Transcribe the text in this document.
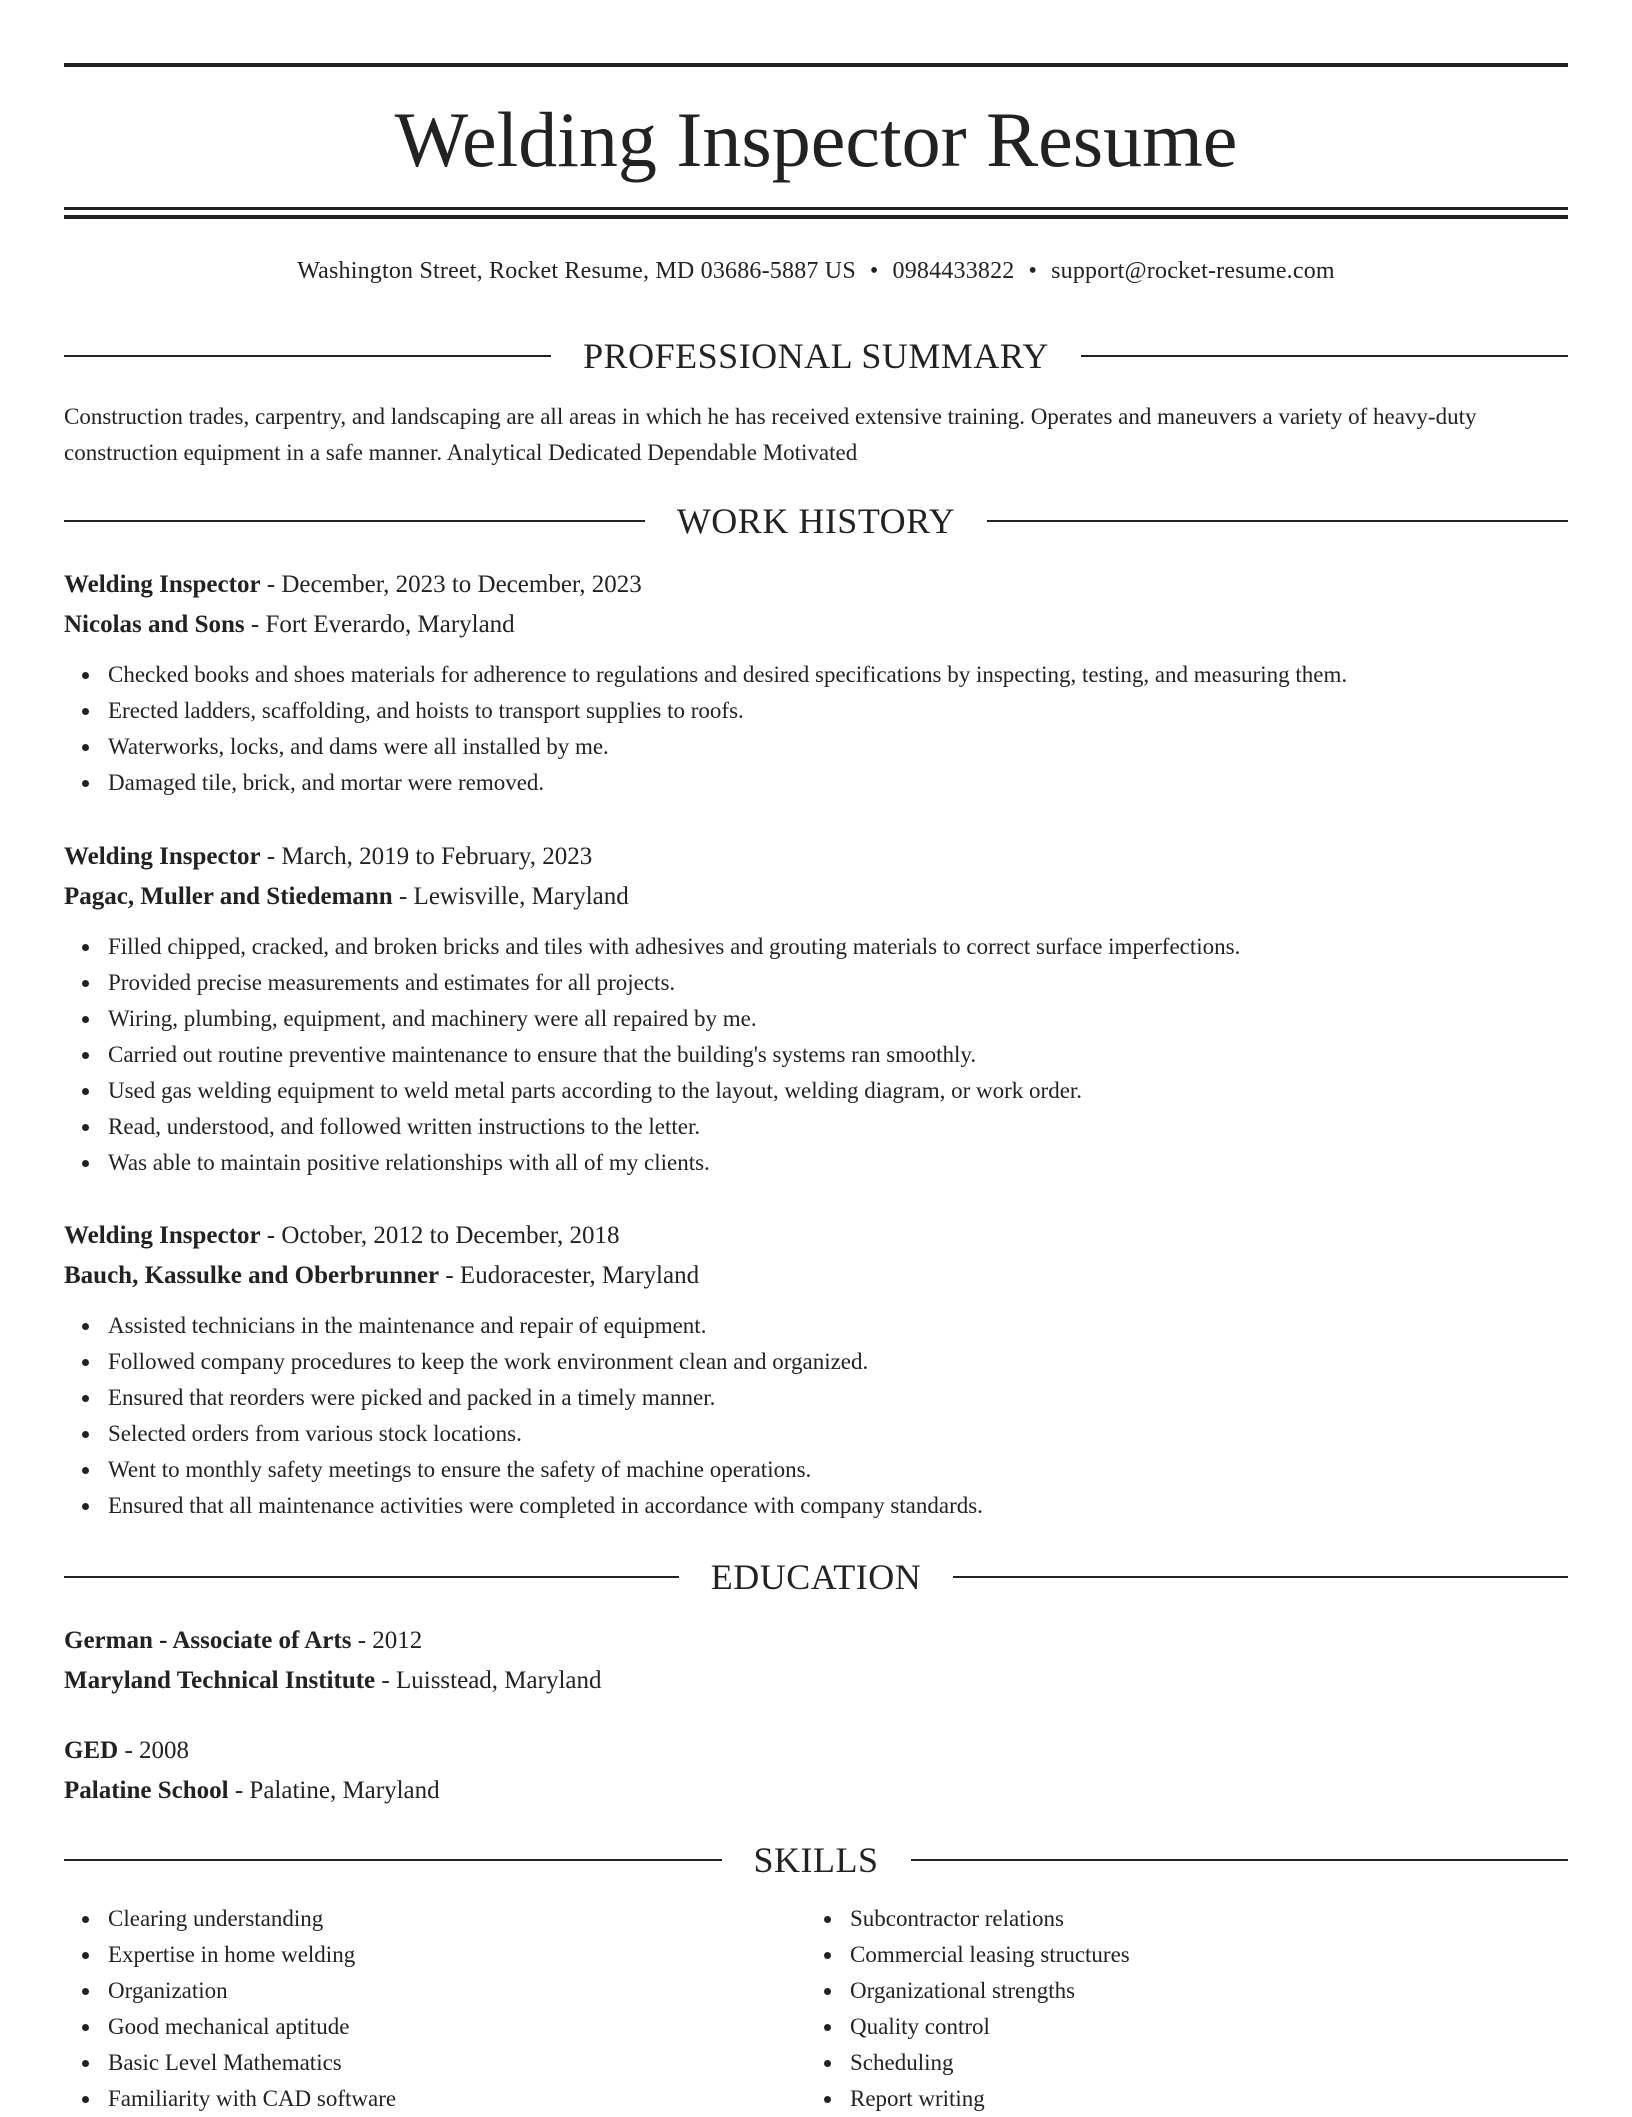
Welding Inspector Resume
Washington Street, Rocket Resume, MD 03686-5887 US • 0984433822 • support@rocket-resume.com
PROFESSIONAL SUMMARY

Construction trades, carpentry, and landscaping are all areas in which he has received extensive training. Operates and maneuvers a variety of heavy-duty construction equipment in a safe manner. Analytical Dedicated Dependable Motivated

WORK HISTORY

Welding Inspector - December, 2023 to December, 2023

Nicolas and Sons - Fort Everardo, Maryland

Checked books and shoes materials for adherence to regulations and desired specifications by inspecting, testing, and measuring them.
Erected ladders, scaffolding, and hoists to transport supplies to roofs.
Waterworks, locks, and dams were all installed by me.
Damaged tile, brick, and mortar were removed.

Welding Inspector - March, 2019 to February, 2023

Pagac, Muller and Stiedemann - Lewisville, Maryland

Filled chipped, cracked, and broken bricks and tiles with adhesives and grouting materials to correct surface imperfections.
Provided precise measurements and estimates for all projects.
Wiring, plumbing, equipment, and machinery were all repaired by me.
Carried out routine preventive maintenance to ensure that the building's systems ran smoothly.
Used gas welding equipment to weld metal parts according to the layout, welding diagram, or work order.
Read, understood, and followed written instructions to the letter.
Was able to maintain positive relationships with all of my clients.

Welding Inspector - October, 2012 to December, 2018

Bauch, Kassulke and Oberbrunner - Eudoracester, Maryland

Assisted technicians in the maintenance and repair of equipment.
Followed company procedures to keep the work environment clean and organized.
Ensured that reorders were picked and packed in a timely manner.
Selected orders from various stock locations.
Went to monthly safety meetings to ensure the safety of machine operations.
Ensured that all maintenance activities were completed in accordance with company standards.
EDUCATION

German - Associate of Arts - 2012

Maryland Technical Institute - Luisstead, Maryland

GED - 2008

Palatine School - Palatine, Maryland

SKILLS
Clearing understanding
Expertise in home welding
Organization
Good mechanical aptitude
Basic Level Mathematics
Familiarity with CAD software
Subcontractor relations
Commercial leasing structures
Organizational strengths
Quality control
Scheduling
Report writing
